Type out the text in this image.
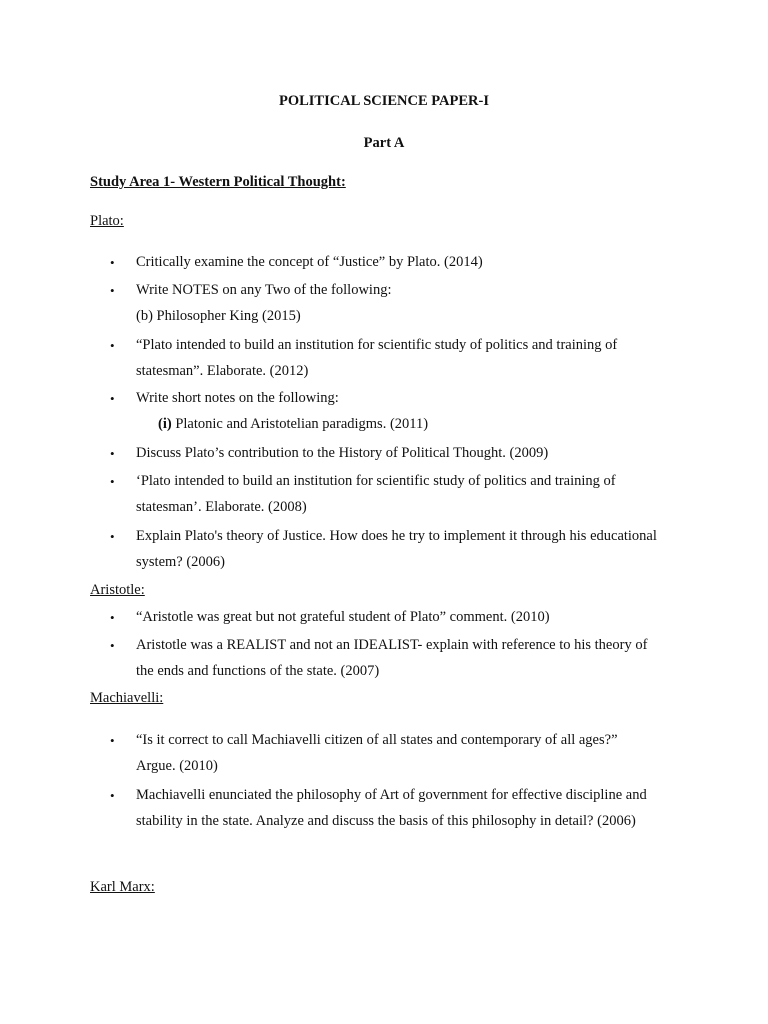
POLITICAL SCIENCE PAPER-I
Part A
Study Area 1- Western Political Thought:
Plato:
• Critically examine the concept of “Justice” by Plato. (2014)
• Write NOTES on any Two of the following:
(b) Philosopher King (2015)
• “Plato intended to build an institution for scientific study of politics and training of
statesman”. Elaborate. (2012)
• Write short notes on the following:
(i) Platonic and Aristotelian paradigms. (2011)
• Discuss Plato’s contribution to the History of Political Thought. (2009)
• ‘Plato intended to build an institution for scientific study of politics and training of
statesman’. Elaborate. (2008)
• Explain Plato's theory of Justice. How does he try to implement it through his educational
system? (2006)
Aristotle:
• “Aristotle was great but not grateful student of Plato” comment. (2010)
• Aristotle was a REALIST and not an IDEALIST- explain with reference to his theory of
the ends and functions of the state. (2007)
Machiavelli:
• “Is it correct to call Machiavelli citizen of all states and contemporary of all ages?”
Argue. (2010)
• Machiavelli enunciated the philosophy of Art of government for effective discipline and
stability in the state. Analyze and discuss the basis of this philosophy in detail? (2006)
Karl Marx:
